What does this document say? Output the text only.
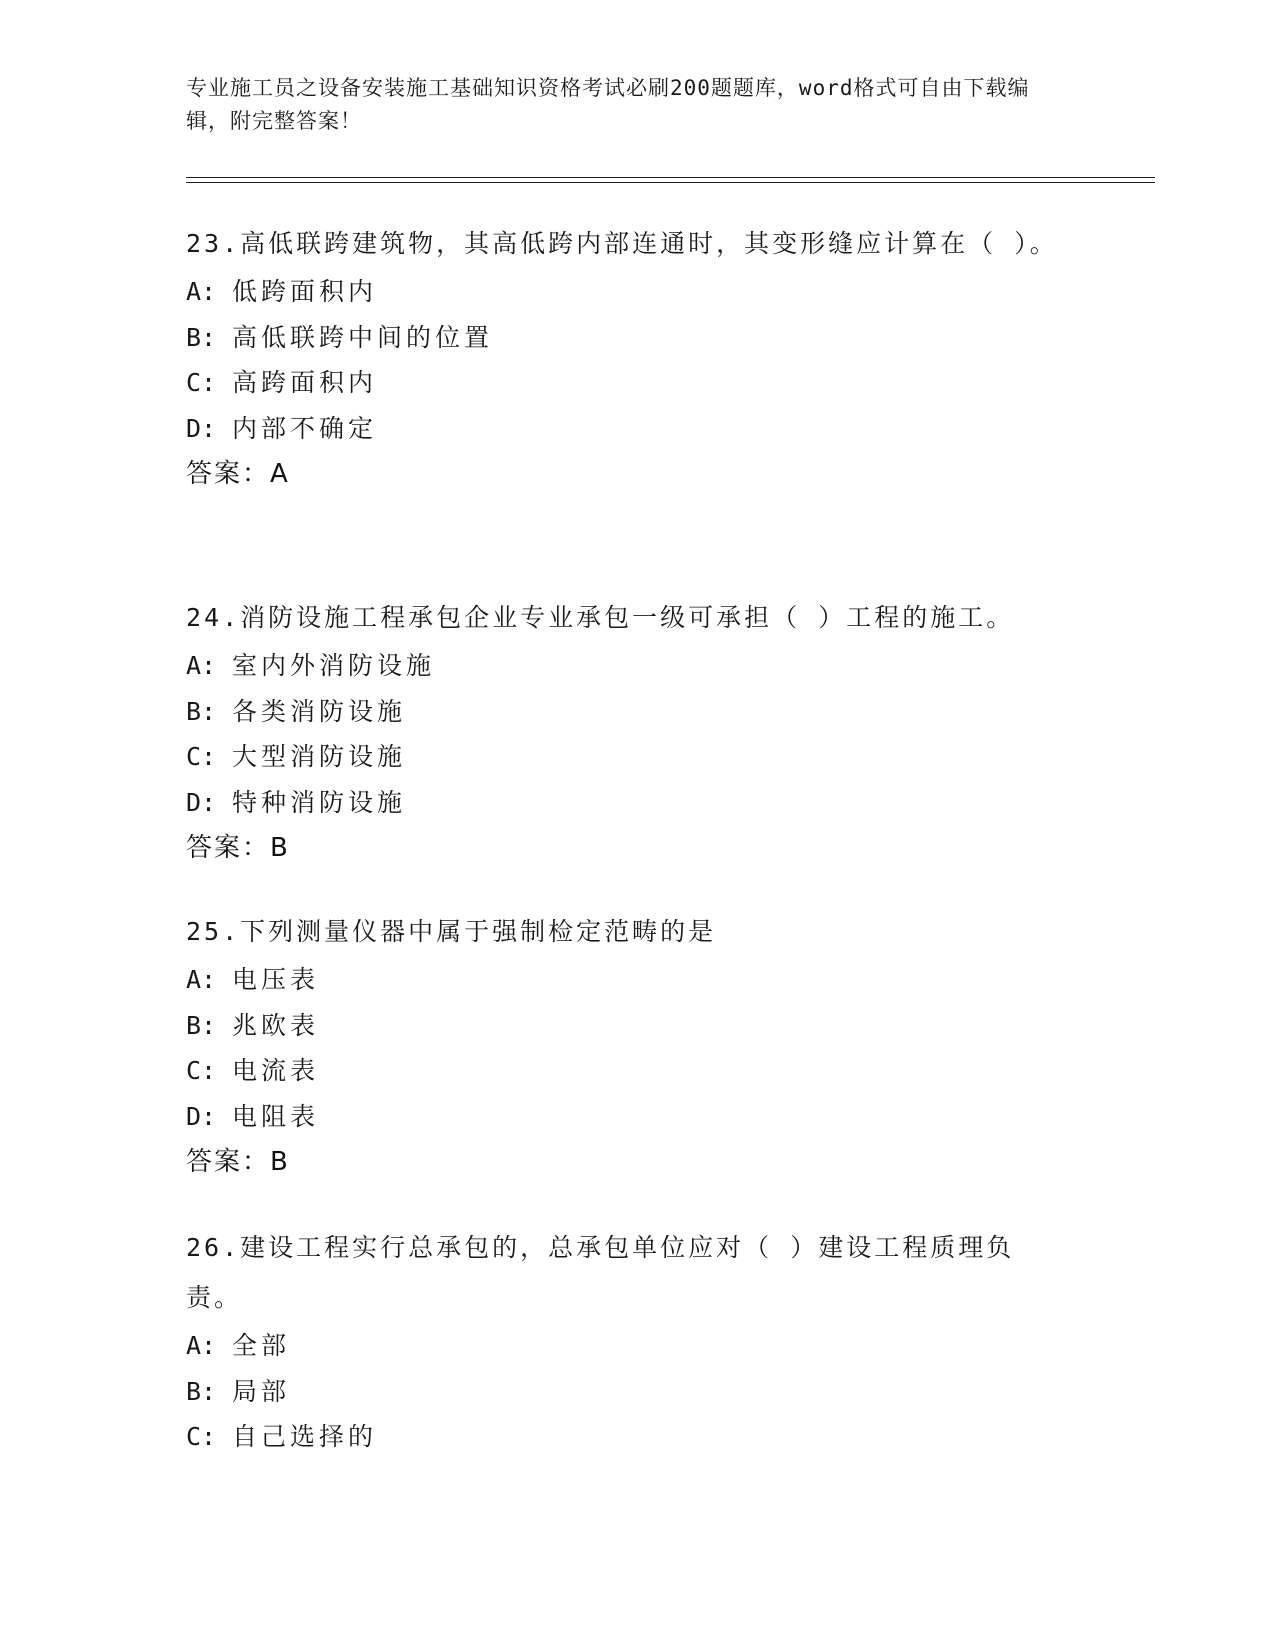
专业施工员之设备安装施工基础知识资格考试必刷200题题库，word格式可自由下载编辑，附完整答案！
23.高低联跨建筑物，其高低跨内部连通时，其变形缝应计算在（ ）。
A: 低跨面积内
B: 高低联跨中间的位置
C: 高跨面积内
D: 内部不确定
答案：A
24.消防设施工程承包企业专业承包一级可承担（ ）工程的施工。
A: 室内外消防设施
B: 各类消防设施
C: 大型消防设施
D: 特种消防设施
答案：B
25.下列测量仪器中属于强制检定范畴的是
A: 电压表
B: 兆欧表
C: 电流表
D: 电阻表
答案：B
26.建设工程实行总承包的，总承包单位应对（ ）建设工程质理负责。
A: 全部
B: 局部
C: 自己选择的
